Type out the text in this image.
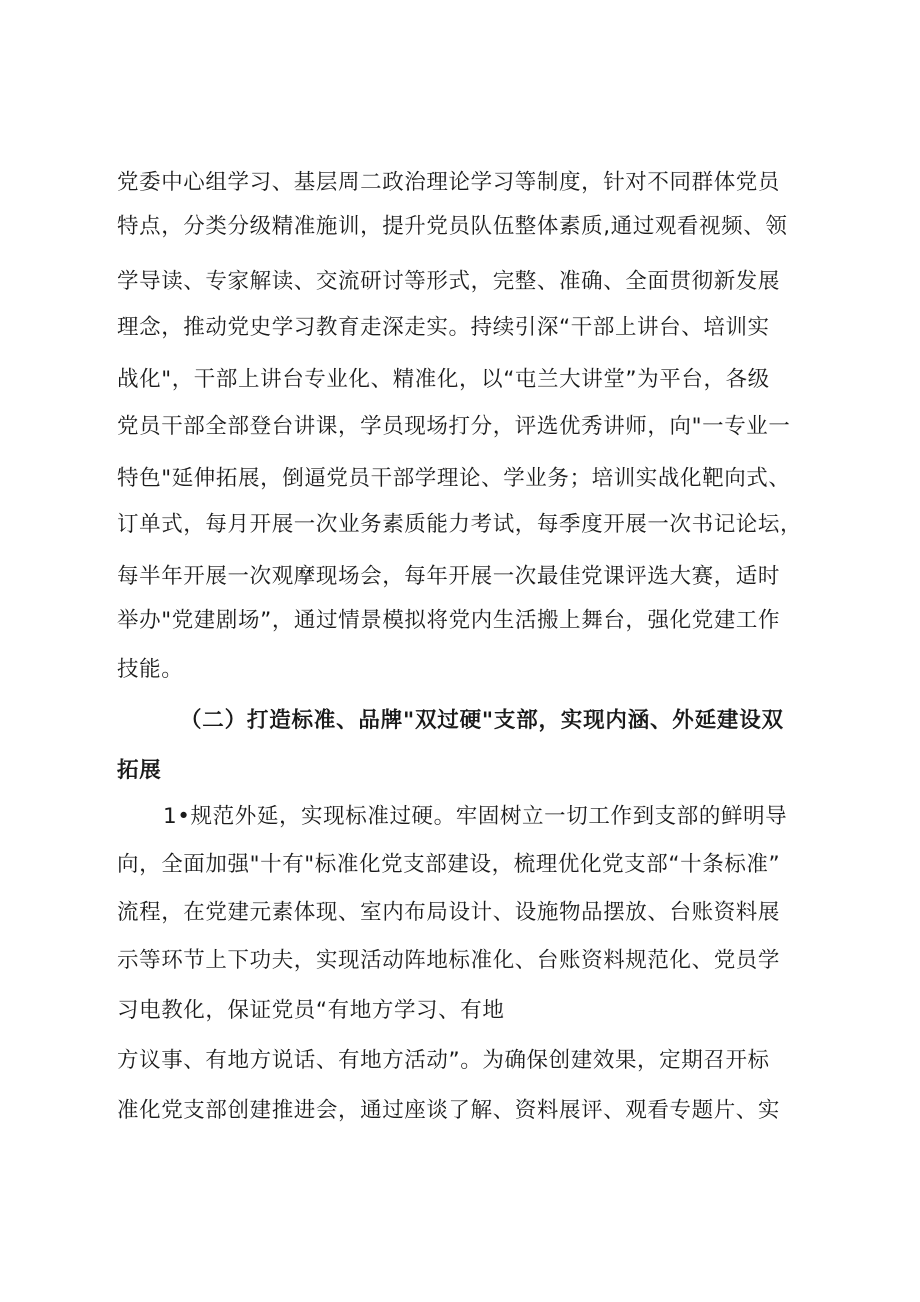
党委中心组学习、基层周二政治理论学习等制度，针对不同群体党员
特点，分类分级精准施训，提升党员队伍整体素质,通过观看视频、领
学导读、专家解读、交流研讨等形式，完整、准确、全面贯彻新发展
理念，推动党史学习教育走深走实。持续引深“干部上讲台、培训实
战化"，干部上讲台专业化、精准化，以“屯兰大讲堂”为平台，各级
党员干部全部登台讲课，学员现场打分，评选优秀讲师，向"一专业一
特色"延伸拓展，倒逼党员干部学理论、学业务；培训实战化靶向式、
订单式，每月开展一次业务素质能力考试，每季度开展一次书记论坛，
每半年开展一次观摩现场会，每年开展一次最佳党课评选大赛，适时
举办"党建剧场”，通过情景模拟将党内生活搬上舞台，强化党建工作
技能。
（二）打造标准、品牌"双过硬"支部，实现内涵、外延建设双
拓展
1•规范外延，实现标准过硬。牢固树立一切工作到支部的鲜明导
向，全面加强"十有"标准化党支部建设，梳理优化党支部“十条标准”
流程，在党建元素体现、室内布局设计、设施物品摆放、台账资料展
示等环节上下功夫，实现活动阵地标准化、台账资料规范化、党员学
习电教化，保证党员“有地方学习、有地
方议事、有地方说话、有地方活动”。为确保创建效果，定期召开标
准化党支部创建推进会，通过座谈了解、资料展评、观看专题片、实
